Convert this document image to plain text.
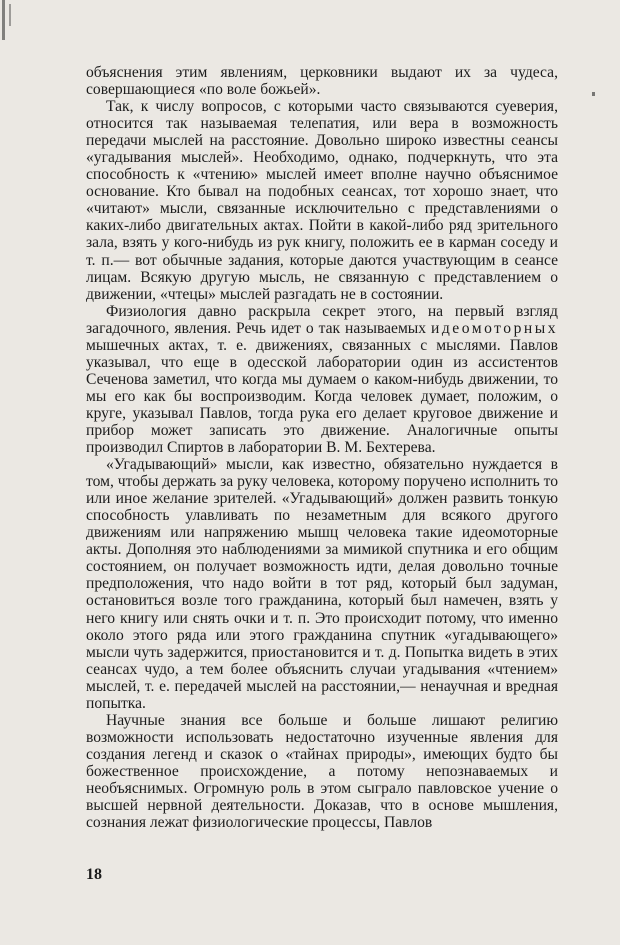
объяснения этим явлениям, церковники выдают их за чудеса, совершающиеся «по воле божьей».

Так, к числу вопросов, с которыми часто связываются суеверия, относится так называемая телепатия, или вера в возможность передачи мыслей на расстояние. Довольно широко известны сеансы «угадывания мыслей». Необходимо, однако, подчеркнуть, что эта способность к «чтению» мыслей имеет вполне научно объяснимое основание. Кто бывал на подобных сеансах, тот хорошо знает, что «читают» мысли, связанные исключительно с представлениями о каких-либо двигательных актах. Пойти в какой-либо ряд зрительного зала, взять у кого-нибудь из рук книгу, положить ее в карман соседу и т. п.— вот обычные задания, которые даются участвующим в сеансе лицам. Всякую другую мысль, не связанную с представлением о движении, «чтецы» мыслей разгадать не в состоянии.

Физиология давно раскрыла секрет этого, на первый взгляд загадочного, явления. Речь идет о так называемых идеомоторных мышечных актах, т. е. движениях, связанных с мыслями. Павлов указывал, что еще в одесской лаборатории один из ассистентов Сеченова заметил, что когда мы думаем о каком-нибудь движении, то мы его как бы воспроизводим. Когда человек думает, положим, о круге, указывал Павлов, тогда рука его делает круговое движение и прибор может записать это движение. Аналогичные опыты производил Спиртов в лаборатории В. М. Бехтерева.

«Угадывающий» мысли, как известно, обязательно нуждается в том, чтобы держать за руку человека, которому поручено исполнить то или иное желание зрителей. «Угадывающий» должен развить тонкую способность улавливать по незаметным для всякого другого движениям или напряжению мышц человека такие идеомоторные акты. Дополняя это наблюдениями за мимикой спутника и его общим состоянием, он получает возможность идти, делая довольно точные предположения, что надо войти в тот ряд, который был задуман, остановиться возле того гражданина, который был намечен, взять у него книгу или снять очки и т. п. Это происходит потому, что именно около этого ряда или этого гражданина спутник «угадывающего» мысли чуть задержится, приостановится и т. д. Попытка видеть в этих сеансах чудо, а тем более объяснить случаи угадывания «чтением» мыслей, т. е. передачей мыслей на расстоянии,— ненаучная и вредная попытка.

Научные знания все больше и больше лишают религию возможности использовать недостаточно изученные явления для создания легенд и сказок о «тайнах природы», имеющих будто бы божественное происхождение, а потому непознаваемых и необъяснимых. Огромную роль в этом сыграло павловское учение о высшей нервной деятельности. Доказав, что в основе мышления, сознания лежат физиологические процессы, Павлов

18
